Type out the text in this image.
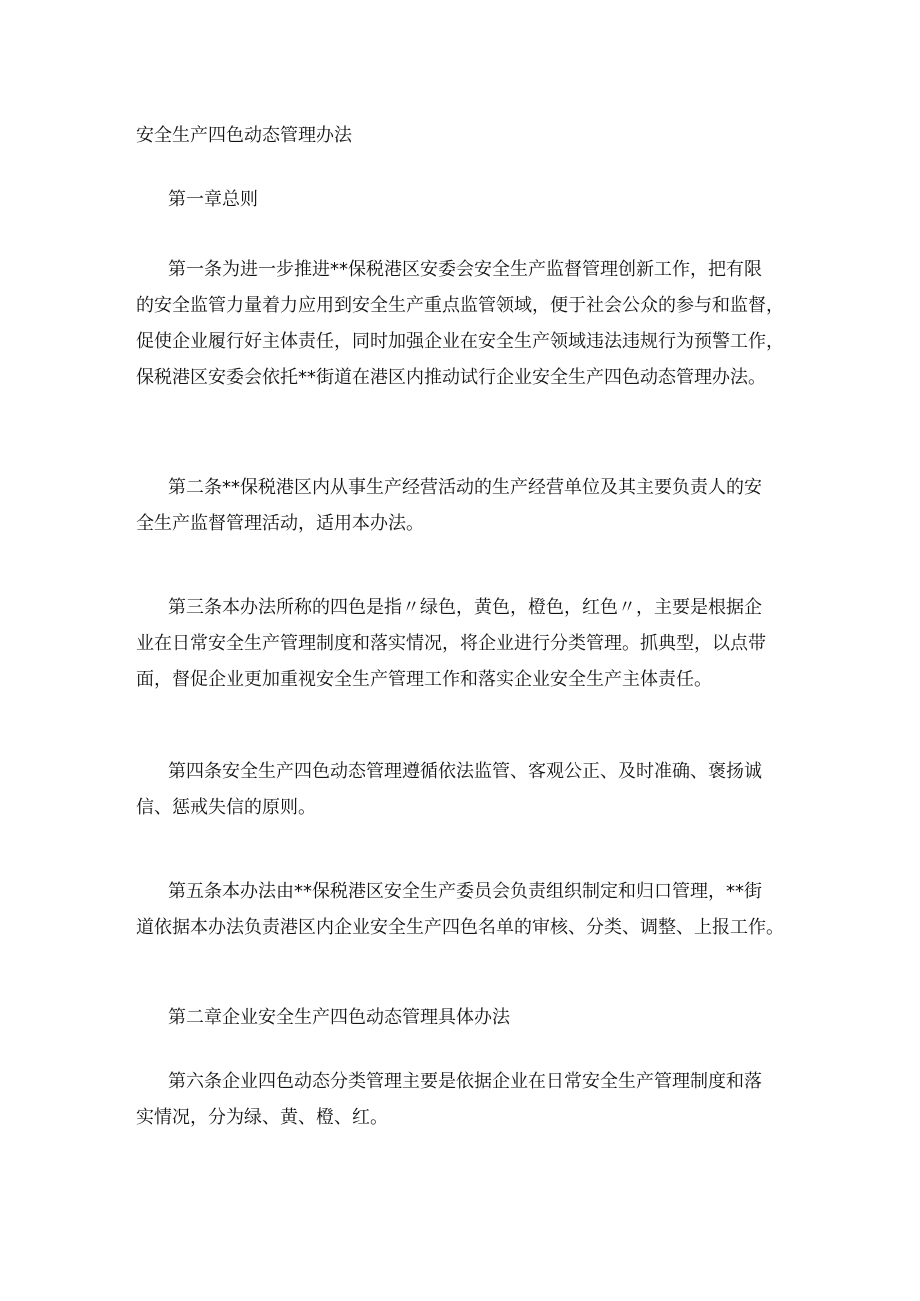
安全生产四色动态管理办法
第一章总则

第一条为进一步推进**保税港区安委会安全生产监督管理创新工作，把有限
的安全监管力量着力应用到安全生产重点监管领域，便于社会公众的参与和监督，
促使企业履行好主体责任，同时加强企业在安全生产领域违法违规行为预警工作，
保税港区安委会依托**街道在港区内推动试行企业安全生产四色动态管理办法。

第二条**保税港区内从事生产经营活动的生产经营单位及其主要负责人的安
全生产监督管理活动，适用本办法。

第三条本办法所称的四色是指〃绿色，黄色，橙色，红色〃，主要是根据企
业在日常安全生产管理制度和落实情况，将企业进行分类管理。抓典型，以点带
面，督促企业更加重视安全生产管理工作和落实企业安全生产主体责任。

第四条安全生产四色动态管理遵循依法监管、客观公正、及时准确、褒扬诚
信、惩戒失信的原则。

第五条本办法由**保税港区安全生产委员会负责组织制定和归口管理，**街
道依据本办法负责港区内企业安全生产四色名单的审核、分类、调整、上报工作。

第二章企业安全生产四色动态管理具体办法

第六条企业四色动态分类管理主要是依据企业在日常安全生产管理制度和落
实情况，分为绿、黄、橙、红。
